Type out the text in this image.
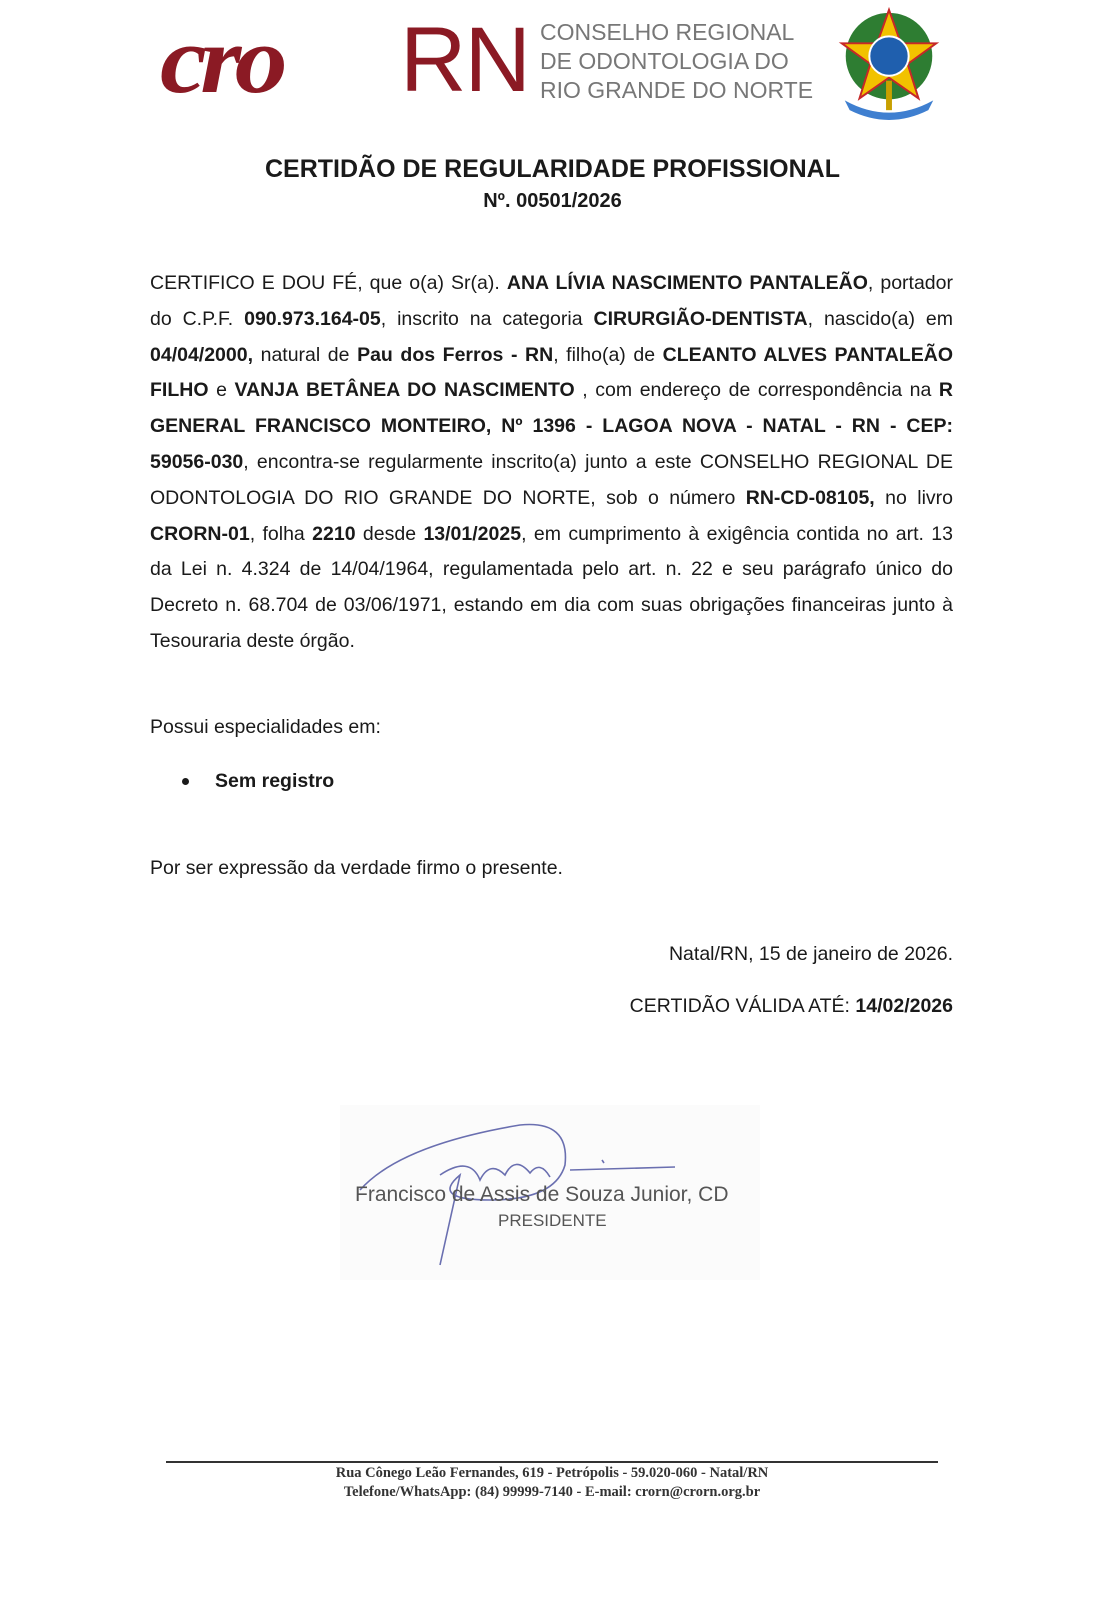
cro RN CONSELHO REGIONAL
DE ODONTOLOGIA DO
RIO GRANDE DO NORTE
CERTIDÃO DE REGULARIDADE PROFISSIONAL
Nº. 00501/2026
CERTIFICO E DOU FÉ, que o(a) Sr(a). ANA LÍVIA NASCIMENTO PANTALEÃO, portador do C.P.F. 090.973.164-05, inscrito na categoria CIRURGIÃO-DENTISTA, nascido(a) em 04/04/2000, natural de Pau dos Ferros - RN, filho(a) de CLEANTO ALVES PANTALEÃO FILHO e VANJA BETÂNEA DO NASCIMENTO , com endereço de correspondência na R GENERAL FRANCISCO MONTEIRO, Nº 1396 - LAGOA NOVA - NATAL - RN - CEP: 59056-030, encontra-se regularmente inscrito(a) junto a este CONSELHO REGIONAL DE ODONTOLOGIA DO RIO GRANDE DO NORTE, sob o número RN-CD-08105, no livro CRORN-01, folha 2210 desde 13/01/2025, em cumprimento à exigência contida no art. 13 da Lei n. 4.324 de 14/04/1964, regulamentada pelo art. n. 22 e seu parágrafo único do Decreto n. 68.704 de 03/06/1971, estando em dia com suas obrigações financeiras junto à Tesouraria deste órgão.
Possui especialidades em:
Sem registro
Por ser expressão da verdade firmo o presente.
Natal/RN, 15 de janeiro de 2026.
CERTIDÃO VÁLIDA ATÉ: 14/02/2026
Francisco de Assis de Souza Junior, CD
PRESIDENTE
Rua Cônego Leão Fernandes, 619 - Petrópolis - 59.020-060 - Natal/RN
Telefone/WhatsApp: (84) 99999-7140 - E-mail: crorn@crorn.org.br
